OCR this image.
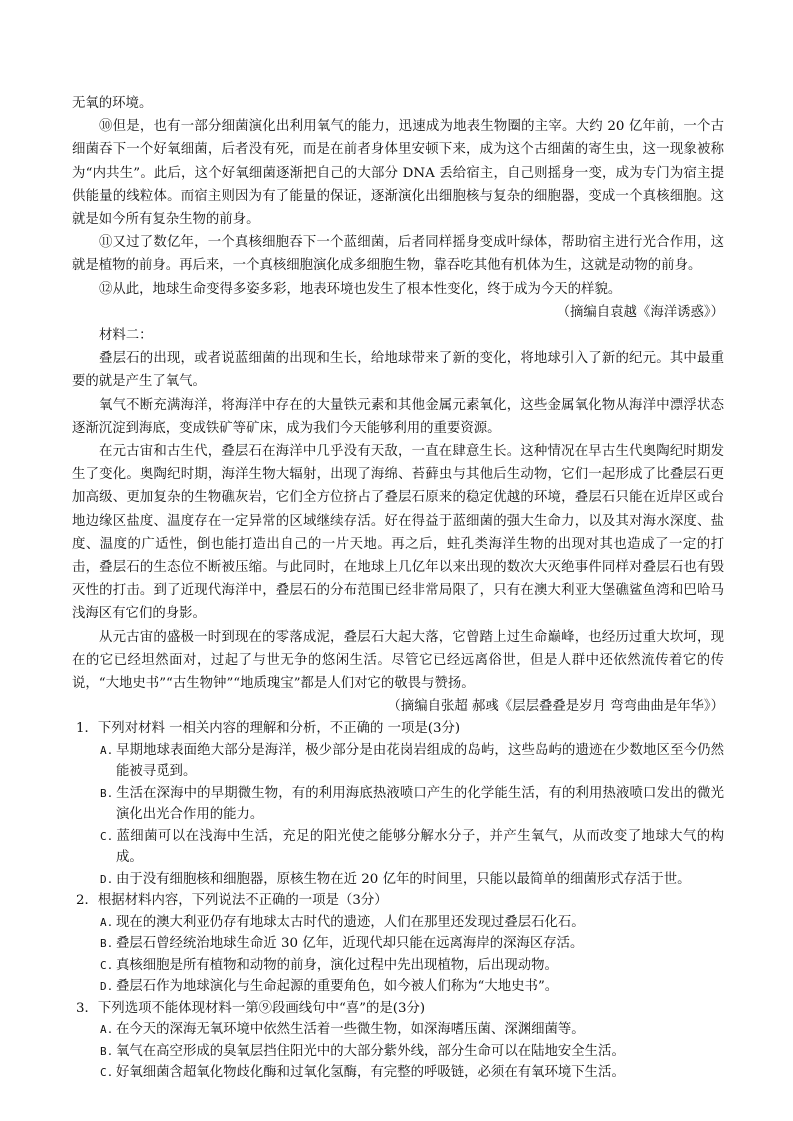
无氧的环境。

⑩但是，也有一部分细菌演化出利用氧气的能力，迅速成为地表生物圈的主宰。大约 20 亿年前，一个古细菌吞下一个好氧细菌，后者没有死，而是在前者身体里安顿下来，成为这个古细菌的寄生虫，这一现象被称为“内共生”。此后，这个好氧细菌逐渐把自己的大部分 DNA 丢给宿主，自己则摇身一变，成为专门为宿主提供能量的线粒体。而宿主则因为有了能量的保证，逐渐演化出细胞核与复杂的细胞器，变成一个真核细胞。这就是如今所有复杂生物的前身。

⑪又过了数亿年，一个真核细胞吞下一个蓝细菌，后者同样摇身变成叶绿体，帮助宿主进行光合作用，这就是植物的前身。再后来，一个真核细胞演化成多细胞生物，靠吞吃其他有机体为生，这就是动物的前身。

⑫从此，地球生命变得多姿多彩，地表环境也发生了根本性变化，终于成为今天的样貌。

（摘编自袁越《海洋诱惑》）

材料二：

叠层石的出现，或者说蓝细菌的出现和生长，给地球带来了新的变化，将地球引入了新的纪元。其中最重要的就是产生了氧气。

氧气不断充满海洋，将海洋中存在的大量铁元素和其他金属元素氧化，这些金属氧化物从海洋中漂浮状态逐渐沉淀到海底，变成铁矿等矿床，成为我们今天能够利用的重要资源。

在元古宙和古生代，叠层石在海洋中几乎没有天敌，一直在肆意生长。这种情况在早古生代奥陶纪时期发生了变化。奥陶纪时期，海洋生物大辐射，出现了海绵、苔藓虫与其他后生动物，它们一起形成了比叠层石更加高级、更加复杂的生物礁灰岩，它们全方位挤占了叠层石原来的稳定优越的环境，叠层石只能在近岸区或台地边缘区盐度、温度存在一定异常的区域继续存活。好在得益于蓝细菌的强大生命力，以及其对海水深度、盐度、温度的广适性，倒也能打造出自己的一片天地。再之后，蛀孔类海洋生物的出现对其也造成了一定的打击，叠层石的生态位不断被压缩。与此同时，在地球上几亿年以来出现的数次大灭绝事件同样对叠层石也有毁灭性的打击。到了近现代海洋中，叠层石的分布范围已经非常局限了，只有在澳大利亚大堡礁鲨鱼湾和巴哈马浅海区有它们的身影。

从元古宙的盛极一时到现在的零落成泥，叠层石大起大落，它曾踏上过生命巅峰，也经历过重大坎坷，现在的它已经坦然面对，过起了与世无争的悠闲生活。尽管它已经远离俗世，但是人群中还依然流传着它的传说，“大地史书”“古生物钟”“地质瑰宝”都是人们对它的敬畏与赞扬。

（摘编自张超 郝彧《层层叠叠是岁月 弯弯曲曲是年华》）

1．下列对材料 一相关内容的理解和分析，不正确的 一项是(3分)

A. 早期地球表面绝大部分是海洋，极少部分是由花岗岩组成的岛屿，这些岛屿的遗迹在少数地区至今仍然能被寻觅到。

B. 生活在深海中的早期微生物，有的利用海底热液喷口产生的化学能生活，有的利用热液喷口发出的微光演化出光合作用的能力。

C. 蓝细菌可以在浅海中生活，充足的阳光使之能够分解水分子，并产生氧气，从而改变了地球大气的构成。

D. 由于没有细胞核和细胞器，原核生物在近 20 亿年的时间里，只能以最简单的细菌形式存活于世。

2．根据材料内容，下列说法不正确的一项是（3分）

A. 现在的澳大利亚仍存有地球太古时代的遗迹，人们在那里还发现过叠层石化石。

B. 叠层石曾经统治地球生命近 30 亿年，近现代却只能在远离海岸的深海区存活。

C. 真核细胞是所有植物和动物的前身，演化过程中先出现植物，后出现动物。

D. 叠层石作为地球演化与生命起源的重要角色，如今被人们称为“大地史书”。

3．下列选项不能体现材料一第⑨段画线句中“喜”的是(3分)

A. 在今天的深海无氧环境中依然生活着一些微生物，如深海嗜压菌、深渊细菌等。

B. 氧气在高空形成的臭氧层挡住阳光中的大部分紫外线，部分生命可以在陆地安全生活。

C. 好氧细菌含超氧化物歧化酶和过氧化氢酶，有完整的呼吸链，必须在有氧环境下生活。
